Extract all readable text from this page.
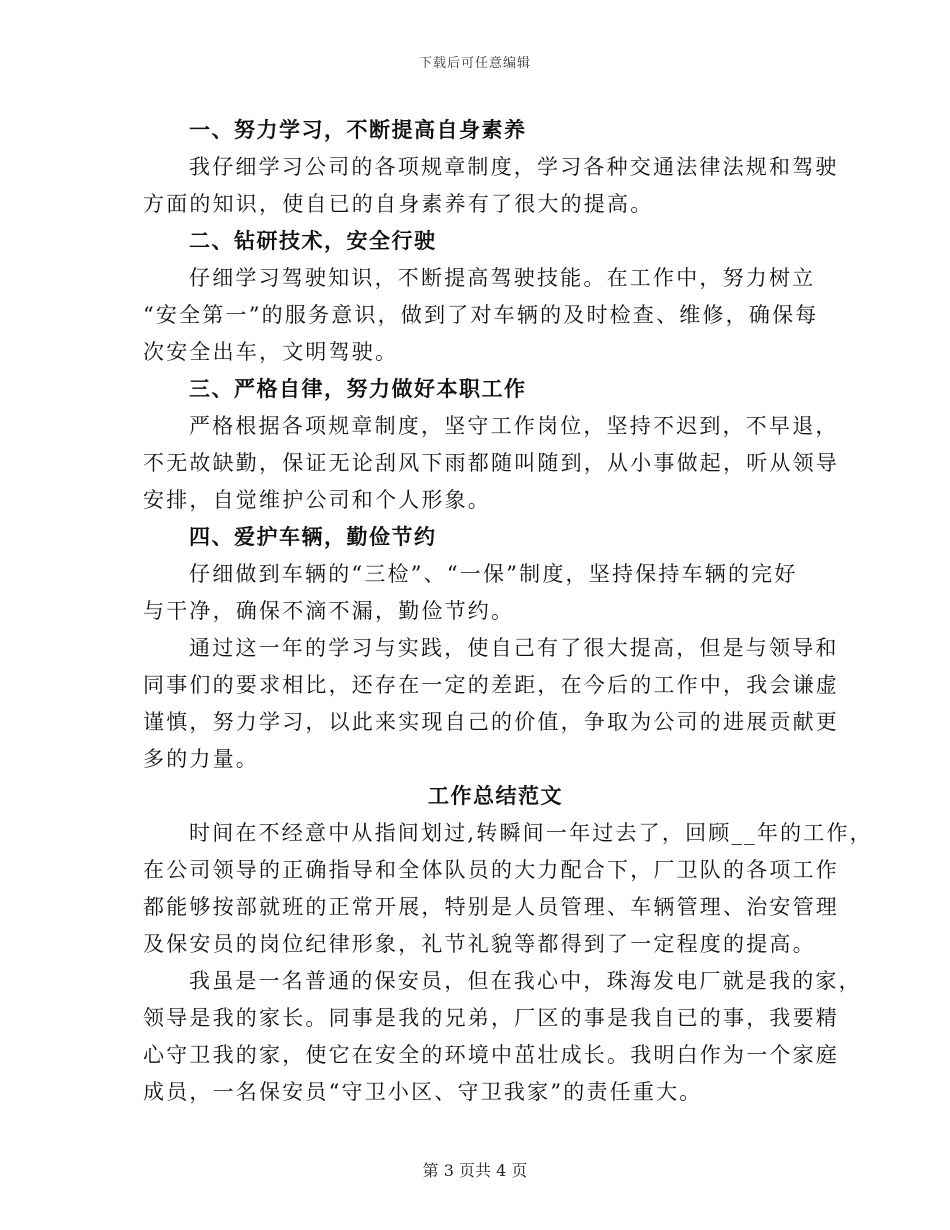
下载后可任意编辑
一、努力学习，不断提高自身素养
我仔细学习公司的各项规章制度，学习各种交通法律法规和驾驶
方面的知识，使自已的自身素养有了很大的提高。
二、钻研技术，安全行驶
仔细学习驾驶知识，不断提高驾驶技能。在工作中，努力树立
“安全第一”的服务意识，做到了对车辆的及时检查、维修，确保每
次安全出车，文明驾驶。
三、严格自律，努力做好本职工作
严格根据各项规章制度，坚守工作岗位，坚持不迟到，不早退，
不无故缺勤，保证无论刮风下雨都随叫随到，从小事做起，听从领导
安排，自觉维护公司和个人形象。
四、爱护车辆，勤俭节约
仔细做到车辆的“三检”、“一保”制度，坚持保持车辆的完好
与干净，确保不滴不漏，勤俭节约。
通过这一年的学习与实践，使自己有了很大提高，但是与领导和
同事们的要求相比，还存在一定的差距，在今后的工作中，我会谦虚
谨慎，努力学习，以此来实现自己的价值，争取为公司的进展贡献更
多的力量。
工作总结范文
时间在不经意中从指间划过,转瞬间一年过去了，回顾__年的工作，
在公司领导的正确指导和全体队员的大力配合下，厂卫队的各项工作
都能够按部就班的正常开展，特别是人员管理、车辆管理、治安管理
及保安员的岗位纪律形象，礼节礼貌等都得到了一定程度的提高。
我虽是一名普通的保安员，但在我心中，珠海发电厂就是我的家，
领导是我的家长。同事是我的兄弟，厂区的事是我自已的事，我要精
心守卫我的家，使它在安全的环境中茁壮成长。我明白作为一个家庭
成员，一名保安员“守卫小区、守卫我家”的责任重大。
第 3 页共 4 页
